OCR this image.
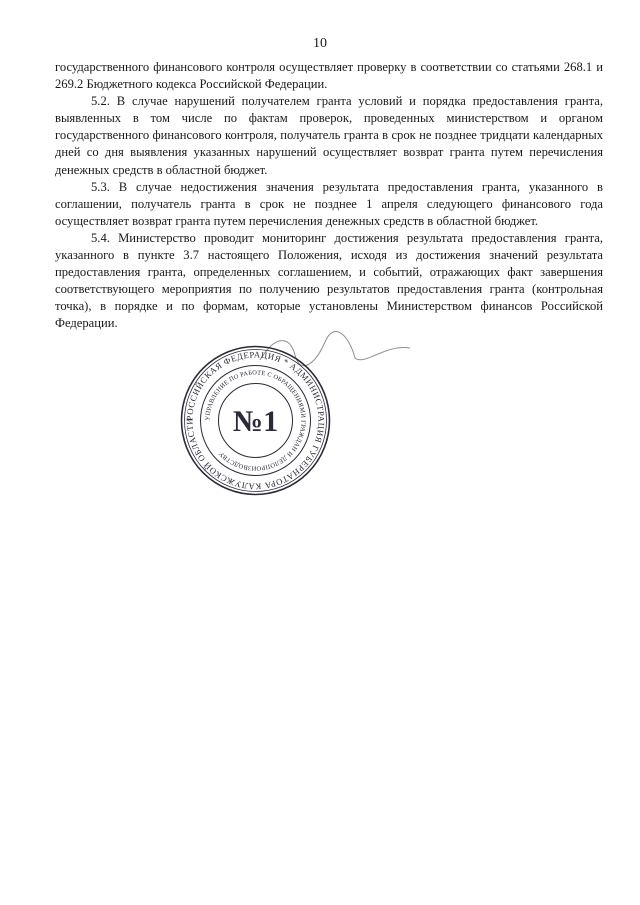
10

государственного финансового контроля осуществляет проверку в соответствии со статьями 268.1 и 269.2 Бюджетного кодекса Российской Федерации.

5.2. В случае нарушений получателем гранта условий и порядка предоставления гранта, выявленных в том числе по фактам проверок, проведенных министерством и органом государственного финансового контроля, получатель гранта в срок не позднее тридцати календарных дней со дня выявления указанных нарушений осуществляет возврат гранта путем перечисления денежных средств в областной бюджет.

5.3. В случае недостижения значения результата предоставления гранта, указанного в соглашении, получатель гранта в срок не позднее 1 апреля следующего финансового года осуществляет возврат гранта путем перечисления денежных средств в областной бюджет.

5.4. Министерство проводит мониторинг достижения результата предоставления гранта, указанного в пункте 3.7 настоящего Положения, исходя из достижения значений результата предоставления гранта, определенных соглашением, и событий, отражающих факт завершения соответствующего мероприятия по получению результатов предоставления гранта (контрольная точка), в порядке и по формам, которые установлены Министерством финансов Российской Федерации.

РОССИЙСКАЯ ФЕДЕРАЦИЯ * АДМИНИСТРАЦИЯ ГУБЕРНАТОРА КАЛУЖСКОЙ ОБЛАСТИ	УПРАВЛЕНИЕ ПО РАБОТЕ С ОБРАЩЕНИЯМИ ГРАЖДАН И ДЕЛОПРОИЗВОДСТВУ
№1
